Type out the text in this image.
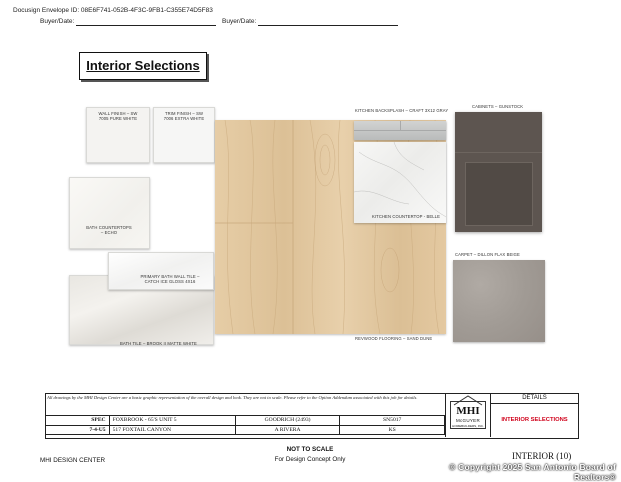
Docusign Envelope ID: 08E6F741-052B-4F3C-9FB1-C355E74D5F83
Buyer/Date:	Buyer/Date:
Interior Selections
WALL FINISH – SW 7005 PURE WHITE
TRIM FINISH – SW 7006 EXTRA WHITE
BATH COUNTERTOPS – ECHO
BATH TILE – BROOK II MATTE WHITE
PRIMARY BATH WALL TILE – CATCH ICE GLOSS 4X16
REVWOOD FLOORING – SAND DUNE
KITCHEN BACKSPLASH – CRAFT 3X12 GRAY
KITCHEN COUNTERTOP - BELLE
CABINETS – GUNSTOCK
CARPET – DILLON FLAX BEIGE
All drawings by the MHI Design Center are a basic graphic representation of the overall design and look. They are not to scale. Please refer to the Option Addendum associated with this job for details.
SPEC	FOXBROOK - 65'S UNIT 5	GOODRICH (2493)	SN5017
7-4-U5	517 FOXTAIL CANYON	A RIVERA	KS
MHI
McGUYER
HOMEBUILDERS, INC.
DETAILS
INTERIOR SELECTIONS
MHI DESIGN CENTER
NOT TO SCALE
For Design Concept Only	INTERIOR (10)
© Copyright 2025 San Antonio Board of Realtors®
